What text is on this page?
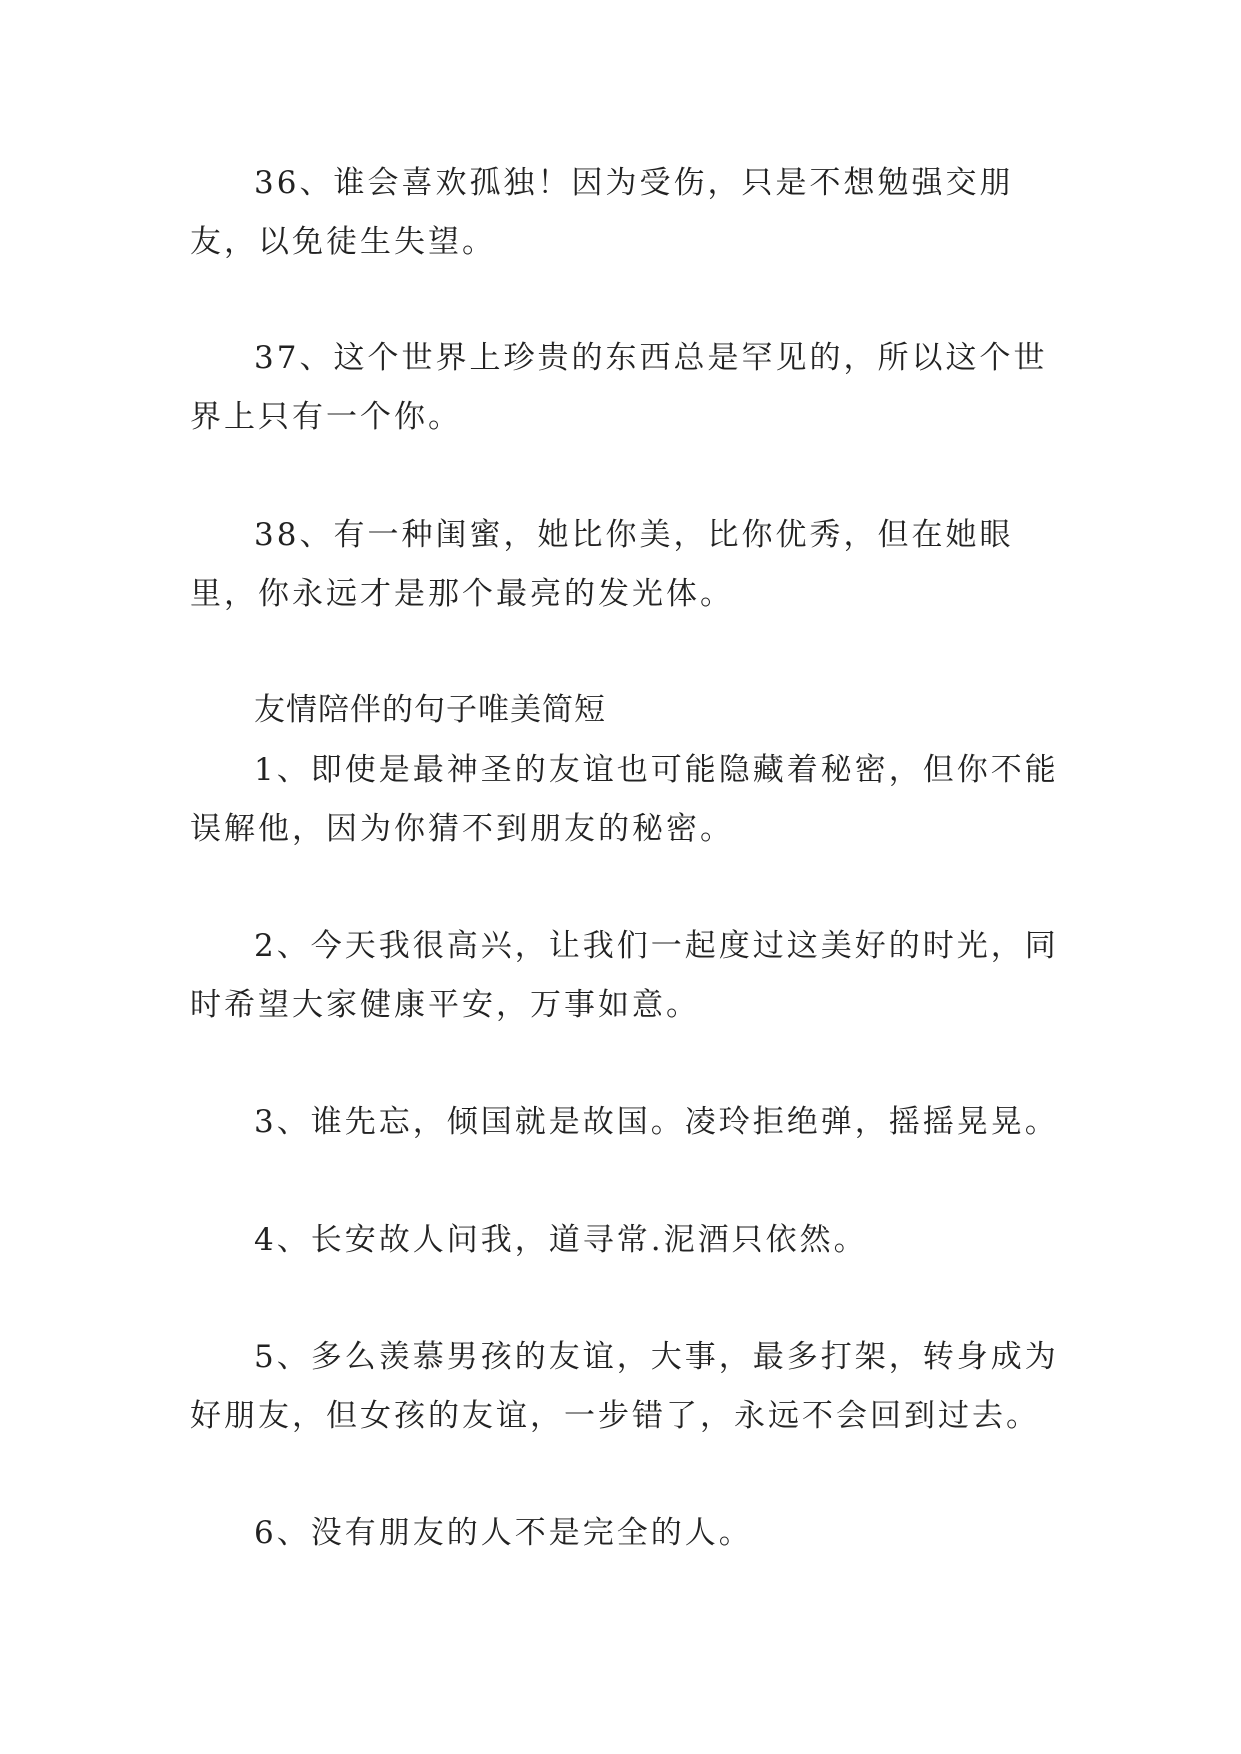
36、谁会喜欢孤独！因为受伤，只是不想勉强交朋友，以免徒生失望。

37、这个世界上珍贵的东西总是罕见的，所以这个世界上只有一个你。

38、有一种闺蜜，她比你美，比你优秀，但在她眼里，你永远才是那个最亮的发光体。

友情陪伴的句子唯美简短

1、即使是最神圣的友谊也可能隐藏着秘密，但你不能误解他，因为你猜不到朋友的秘密。

2、今天我很高兴，让我们一起度过这美好的时光，同时希望大家健康平安，万事如意。

3、谁先忘，倾国就是故国。凌玲拒绝弹，摇摇晃晃。

4、长安故人问我，道寻常.泥酒只依然。

5、多么羡慕男孩的友谊，大事，最多打架，转身成为好朋友，但女孩的友谊，一步错了，永远不会回到过去。

6、没有朋友的人不是完全的人。
